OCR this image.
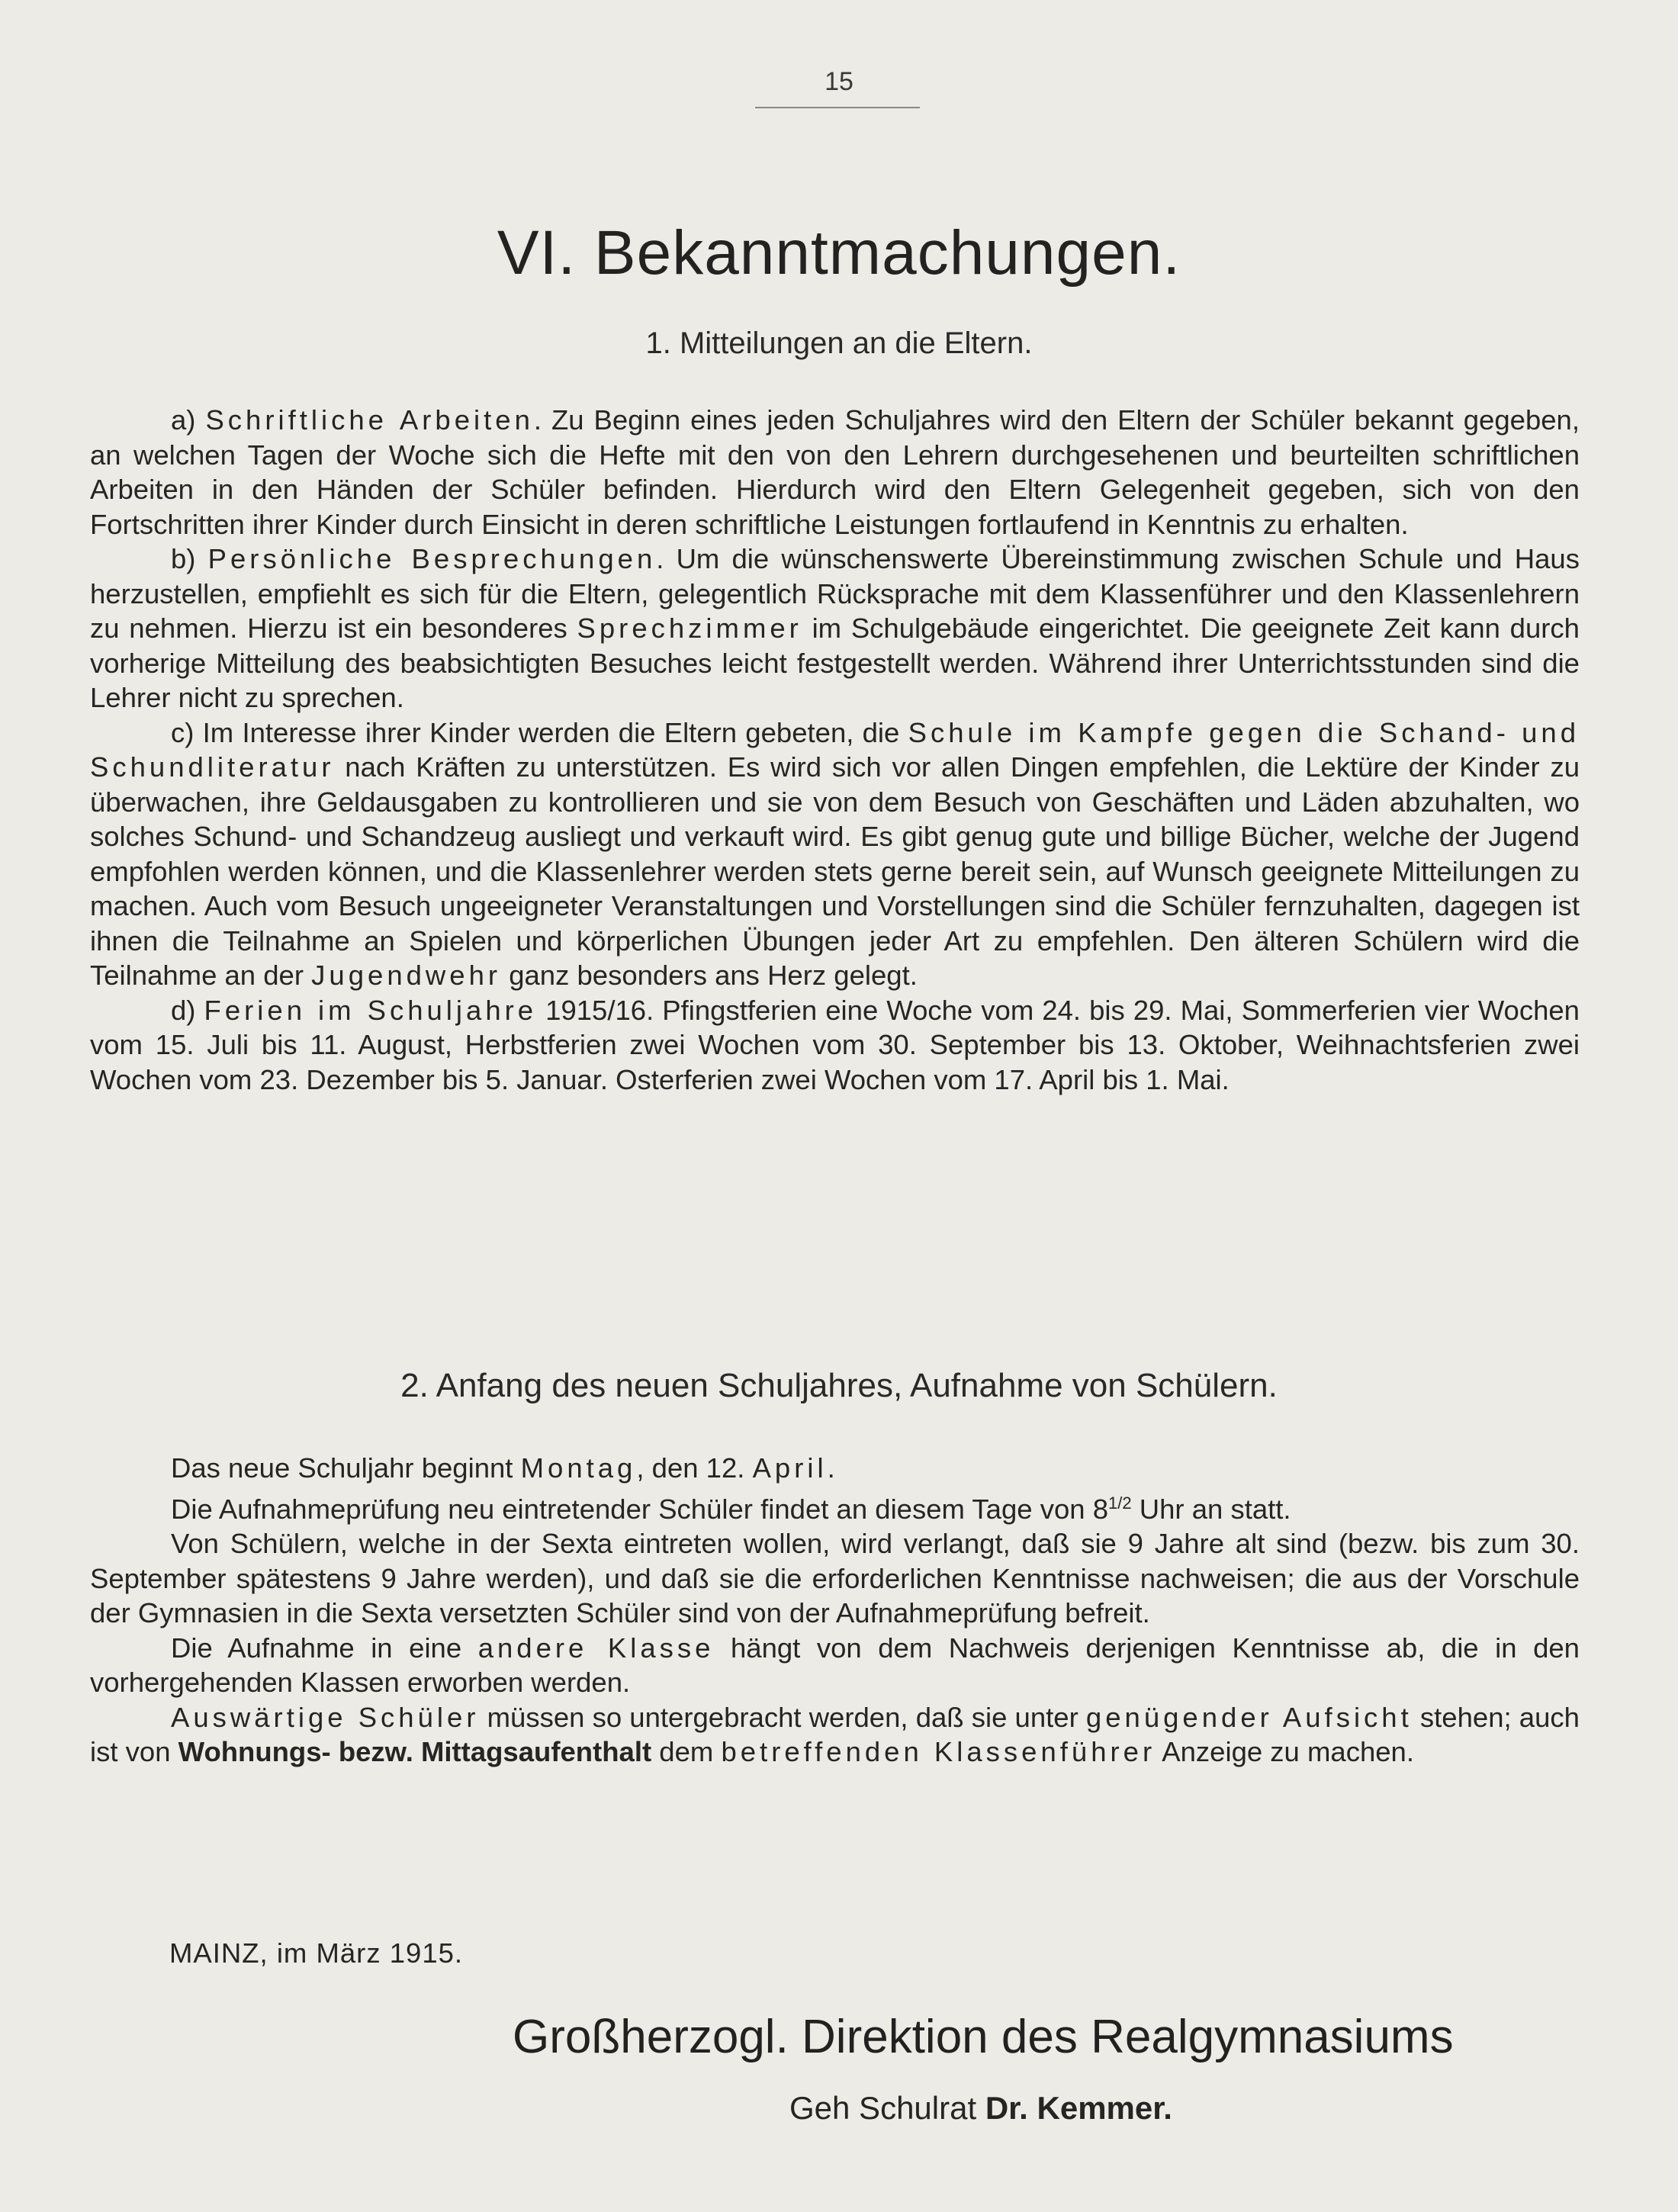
15
VI. Bekanntmachungen.
1. Mitteilungen an die Eltern.

a) Schriftliche Arbeiten. Zu Beginn eines jeden Schuljahres wird den Eltern der Schüler bekannt gegeben, an welchen Tagen der Woche sich die Hefte mit den von den Lehrern durchgesehenen und beurteilten schriftlichen Arbeiten in den Händen der Schüler befinden. Hierdurch wird den Eltern Gelegenheit gegeben, sich von den Fortschritten ihrer Kinder durch Einsicht in deren schriftliche Leistungen fortlaufend in Kenntnis zu erhalten.

b) Persönliche Besprechungen. Um die wünschenswerte Übereinstimmung zwischen Schule und Haus herzustellen, empfiehlt es sich für die Eltern, gelegentlich Rücksprache mit dem Klassenführer und den Klassenlehrern zu nehmen. Hierzu ist ein besonderes Sprechzimmer im Schulgebäude eingerichtet. Die geeignete Zeit kann durch vorherige Mitteilung des beabsichtigten Besuches leicht festgestellt werden. Während ihrer Unterrichtsstunden sind die Lehrer nicht zu sprechen.

c) Im Interesse ihrer Kinder werden die Eltern gebeten, die Schule im Kampfe gegen die Schand- und Schundliteratur nach Kräften zu unterstützen. Es wird sich vor allen Dingen empfehlen, die Lektüre der Kinder zu überwachen, ihre Geldausgaben zu kontrollieren und sie von dem Besuch von Geschäften und Läden abzuhalten, wo solches Schund- und Schandzeug ausliegt und verkauft wird. Es gibt genug gute und billige Bücher, welche der Jugend empfohlen werden können, und die Klassenlehrer werden stets gerne bereit sein, auf Wunsch geeignete Mitteilungen zu machen. Auch vom Besuch ungeeigneter Veranstaltungen und Vorstellungen sind die Schüler fernzuhalten, dagegen ist ihnen die Teilnahme an Spielen und körperlichen Übungen jeder Art zu empfehlen. Den älteren Schülern wird die Teilnahme an der Jugendwehr ganz besonders ans Herz gelegt.

d) Ferien im Schuljahre 1915/16. Pfingstferien eine Woche vom 24. bis 29. Mai, Sommerferien vier Wochen vom 15. Juli bis 11. August, Herbstferien zwei Wochen vom 30. September bis 13. Oktober, Weihnachtsferien zwei Wochen vom 23. Dezember bis 5. Januar. Osterferien zwei Wochen vom 17. April bis 1. Mai.

2. Anfang des neuen Schuljahres, Aufnahme von Schülern.

Das neue Schuljahr beginnt Montag, den 12. April.

Die Aufnahmeprüfung neu eintretender Schüler findet an diesem Tage von $8^{1/2}$ Uhr an statt.

Von Schülern, welche in der Sexta eintreten wollen, wird verlangt, daß sie 9 Jahre alt sind (bezw. bis zum 30. September spätestens 9 Jahre werden), und daß sie die erforderlichen Kenntnisse nachweisen; die aus der Vorschule der Gymnasien in die Sexta versetzten Schüler sind von der Aufnahmeprüfung befreit.

Die Aufnahme in eine andere Klasse hängt von dem Nachweis derjenigen Kenntnisse ab, die in den vorhergehenden Klassen erworben werden.

Auswärtige Schüler müssen so untergebracht werden, daß sie unter genügender Aufsicht stehen; auch ist von Wohnungs- bezw. Mittagsaufenthalt dem betreffenden Klassenführer Anzeige zu machen.

MAINZ, im März 1915.
Großherzogl. Direktion des Realgymnasiums
Geh Schulrat Dr. Kemmer.
